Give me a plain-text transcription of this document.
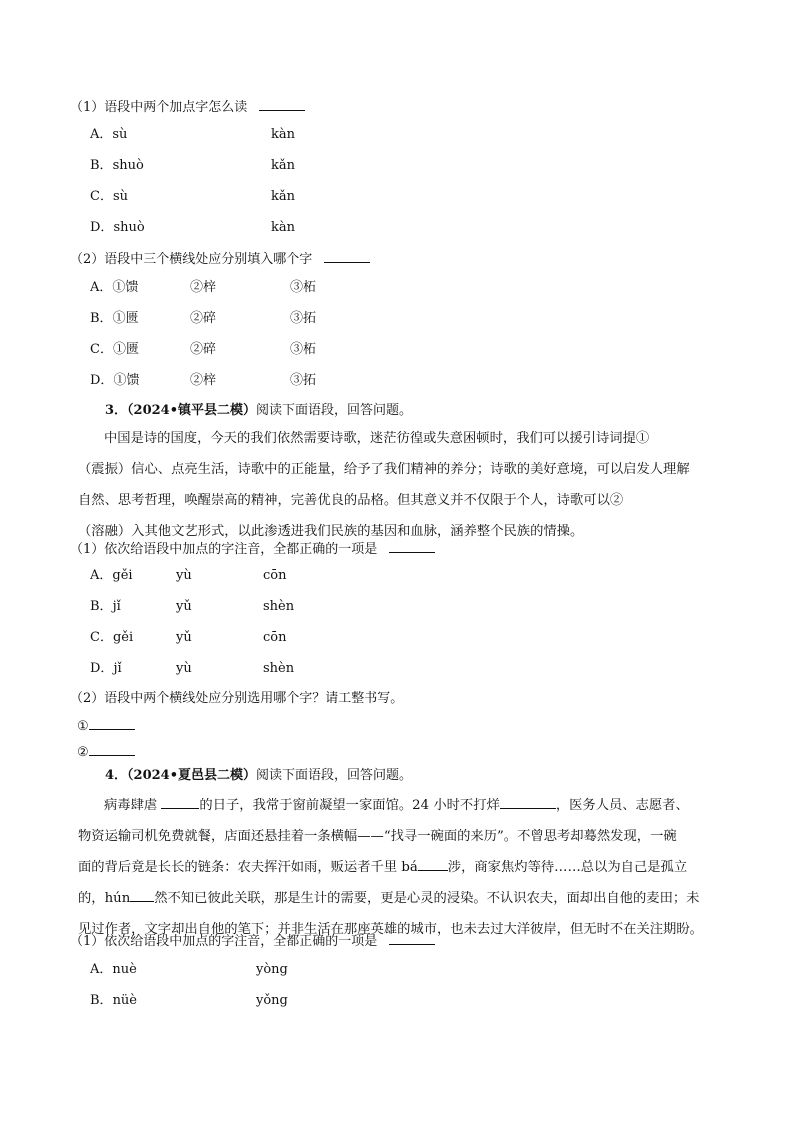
（1）语段中两个加点字怎么读
A．sù	kàn
B．shuò	kǎn
C．sù	kǎn
D．shuò	kàn
（2）语段中三个横线处应分别填入哪个字
A．①馈	②梓	③柘
B．①匮	②碎	③拓
C．①匮	②碎	③柘
D．①馈	②梓	③拓
3．（2024•镇平县二模）阅读下面语段，回答问题。
中国是诗的国度，今天的我们依然需要诗歌，迷茫彷徨或失意困顿时，我们可以援引诗词提①
（震振）信心、点亮生活，诗歌中的正能量，给予了我们精神的养分；诗歌的美好意境，可以启发人理解
自然、思考哲理，唤醒崇高的精神，完善优良的品格。但其意义并不仅限于个人，诗歌可以②
（溶融）入其他文艺形式，以此渗透进我们民族的基因和血脉，涵养整个民族的情操。
（1）依次给语段中加点的字注音，全都正确的一项是
A．gěi	yù	cōn
B．jǐ	yǔ	shèn
C．gěi	yǔ	cōn
D．jǐ	yù	shèn
（2）语段中两个横线处应分别选用哪个字？请工整书写。
①
②
4．（2024•夏邑县二模）阅读下面语段，回答问题。
病毒肆虐	的日子，我常于窗前凝望一家面馆。24 小时不打烊	，医务人员、志愿者、
物资运输司机免费就餐，店面还悬挂着一条横幅——“找寻一碗面的来历”。不曾思考却蓦然发现，一碗
面的背后竟是长长的链条：农夫挥汗如雨，贩运者千里 bá 涉，商家焦灼等待……总以为自己是孤立
的，hún 然不知已彼此关联，那是生计的需要，更是心灵的浸染。不认识农夫，面却出自他的麦田；未
见过作者，文字却出自他的笔下；并非生活在那座英雄的城市，也未去过大洋彼岸，但无时不在关注期盼。
（1）依次给语段中加点的字注音，全都正确的一项是
A．nuè	yòng
B．nüè	yǒng
